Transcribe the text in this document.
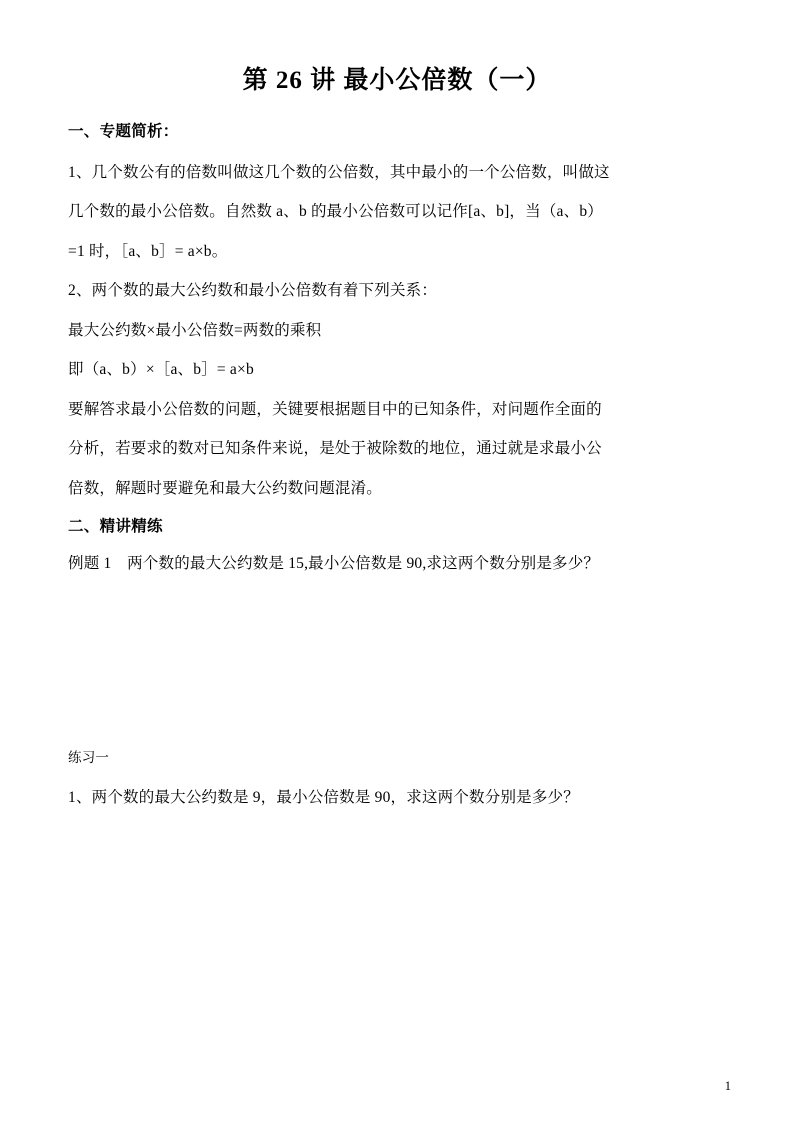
第 26 讲 最小公倍数（一）
一、专题简析：
1、几个数公有的倍数叫做这几个数的公倍数，其中最小的一个公倍数，叫做这
几个数的最小公倍数。自然数 a、b 的最小公倍数可以记作[a、b]，当（a、b）
=1 时，［a、b］= a×b。
2、两个数的最大公约数和最小公倍数有着下列关系：
最大公约数×最小公倍数=两数的乘积
即（a、b）×［a、b］= a×b
要解答求最小公倍数的问题，关键要根据题目中的已知条件，对问题作全面的
分析，若要求的数对已知条件来说，是处于被除数的地位，通过就是求最小公
倍数，解题时要避免和最大公约数问题混淆。
二、精讲精练
例题 1　两个数的最大公约数是 15,最小公倍数是 90,求这两个数分别是多少？
练习一
1、两个数的最大公约数是 9，最小公倍数是 90，求这两个数分别是多少？
1
